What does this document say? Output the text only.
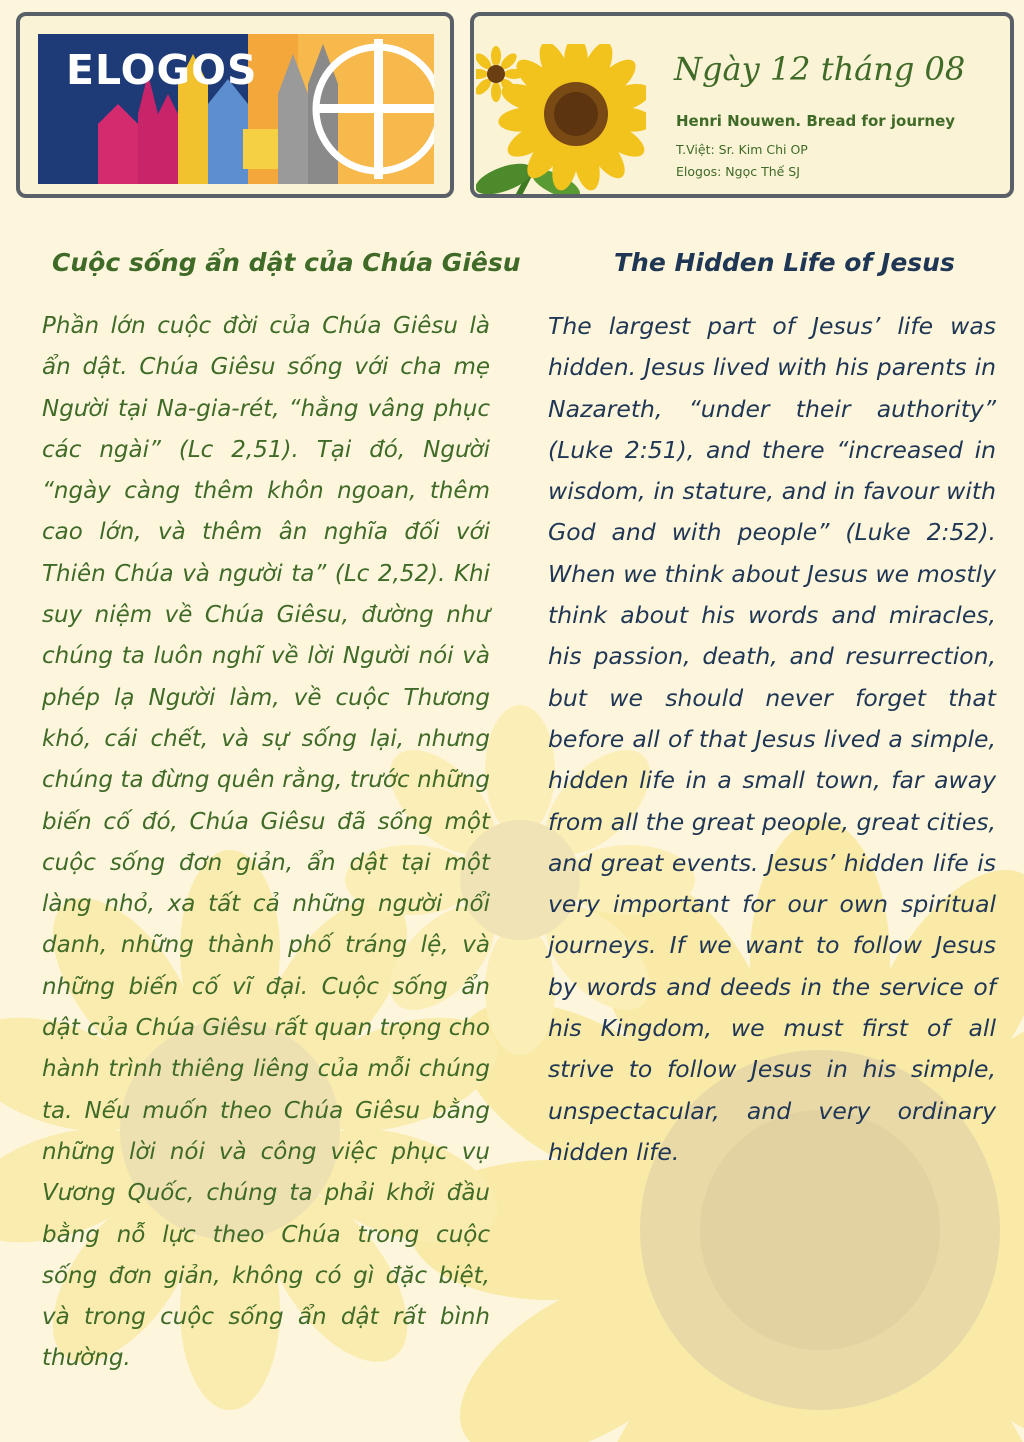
ELOGOS	Ngày 12 tháng 08
Henri Nouwen. Bread for journey
T.Việt: Sr. Kim Chi OP
Elogos: Ngọc Thế SJ
Cuộc sống ẩn dật của Chúa Giêsu

Phần lớn cuộc đời của Chúa Giêsu là ẩn dật. Chúa Giêsu sống với cha mẹ Người tại Na-gia-rét, “hằng vâng phục các ngài” (Lc 2,51). Tại đó, Người “ngày càng thêm khôn ngoan, thêm cao lớn, và thêm ân nghĩa đối với Thiên Chúa và người ta” (Lc 2,52). Khi suy niệm về Chúa Giêsu, đường như chúng ta luôn nghĩ về lời Người nói và phép lạ Người làm, về cuộc Thương khó, cái chết, và sự sống lại, nhưng chúng ta đừng quên rằng, trước những biến cố đó, Chúa Giêsu đã sống một cuộc sống đơn giản, ẩn dật tại một làng nhỏ, xa tất cả những người nổi danh, những thành phố tráng lệ, và những biến cố vĩ đại. Cuộc sống ẩn dật của Chúa Giêsu rất quan trọng cho hành trình thiêng liêng của mỗi chúng ta. Nếu muốn theo Chúa Giêsu bằng những lời nói và công việc phục vụ Vương Quốc, chúng ta phải khởi đầu bằng nỗ lực theo Chúa trong cuộc sống đơn giản, không có gì đặc biệt, và trong cuộc sống ẩn dật rất bình thường.

The Hidden Life of Jesus

The largest part of Jesus’ life was hidden. Jesus lived with his parents in Nazareth, “under their authority” (Luke 2:51), and there “increased in wisdom, in stature, and in favour with God and with people” (Luke 2:52). When we think about Jesus we mostly think about his words and miracles, his passion, death, and resurrection, but we should never forget that before all of that Jesus lived a simple, hidden life in a small town, far away from all the great people, great cities, and great events. Jesus’ hidden life is very important for our own spiritual journeys. If we want to follow Jesus by words and deeds in the service of his Kingdom, we must first of all strive to follow Jesus in his simple, unspectacular, and very ordinary hidden life.
